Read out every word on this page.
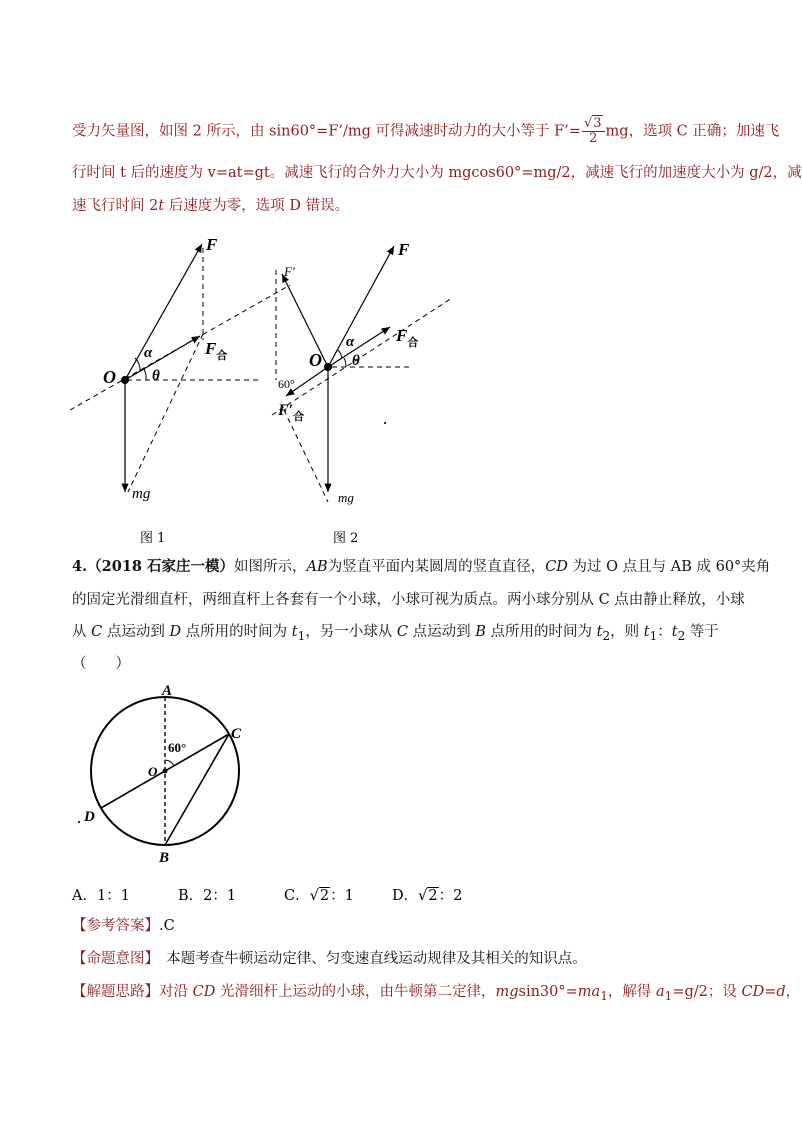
受力矢量图，如图 2 所示，由 sin60°=F’/mg 可得减速时动力的大小等于 F’= $\frac{√3}{2}$ mg，选项 C 正确；加速飞
行时间 t 后的速度为 v=at=gt。减速飞行的合外力大小为 mgcos60°=mg/2，减速飞行的加速度大小为 g/2，减
速飞行时间 2t 后速度为零，选项 D 错误。
F
$F_合$
O
α
θ
mg
图 1
F′
F
$F_合$
O
α
θ
60°
$F'_合$
mg
图 2
4.（2018 石家庄一模）如图所示，AB为竖直平面内某圆周的竖直直径，CD 为过 O 点且与 AB 成 60°夹角
的固定光滑细直杆，两细直杆上各套有一个小球，小球可视为质点。两小球分别从 C 点由静止释放，小球
从 C 点运动到 D 点所用的时间为 $t_1$，另一小球从 C 点运动到 B 点所用的时间为 $t_2$，则 $t_1$：$t_2$ 等于
（　　）
A
C
O
60°
D
B
A．1：1	B．2：1	C．√2：1	D．√2：2
【参考答案】.C
【命题意图】　本题考查牛顿运动定律、匀变速直线运动规律及其相关的知识点。
【解题思路】对沿 CD 光滑细杆上运动的小球，由牛顿第二定律，$mgsin30^\circ=ma_1$，解得 $a_1=g/2$；设 CD=d，
